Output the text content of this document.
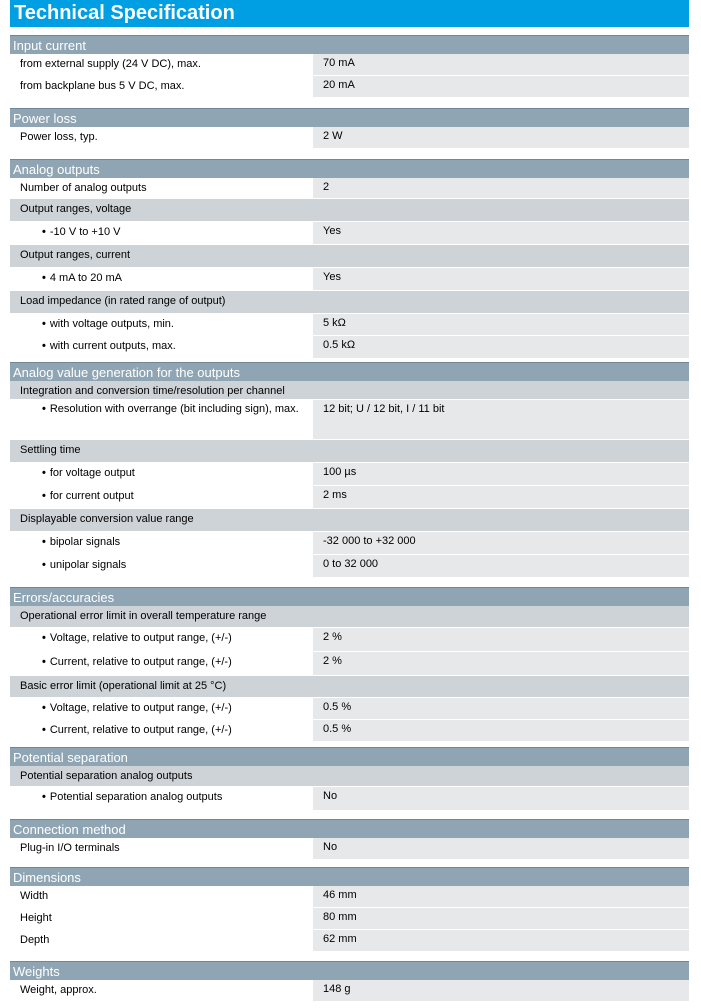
Technical Specification
Input current
from external supply (24 V DC), max.	70 mA
from backplane bus 5 V DC, max.	20 mA
Power loss
Power loss, typ.	2 W
Analog outputs
Number of analog outputs	2
Output ranges, voltage
• -10 V to +10 V	Yes
Output ranges, current
• 4 mA to 20 mA	Yes
Load impedance (in rated range of output)
• with voltage outputs, min.	5 kΩ
• with current outputs, max.	0.5 kΩ
Analog value generation for the outputs
Integration and conversion time/resolution per channel
• Resolution with overrange (bit including sign), max.	12 bit; U / 12 bit, I / 11 bit
Settling time
• for voltage output	100 µs
• for current output	2 ms
Displayable conversion value range
• bipolar signals	-32 000 to +32 000
• unipolar signals	0 to 32 000
Errors/accuracies
Operational error limit in overall temperature range
• Voltage, relative to output range, (+/-)	2 %
• Current, relative to output range, (+/-)	2 %
Basic error limit (operational limit at 25 °C)
• Voltage, relative to output range, (+/-)	0.5 %
• Current, relative to output range, (+/-)	0.5 %
Potential separation
Potential separation analog outputs
• Potential separation analog outputs	No
Connection method
Plug-in I/O terminals	No
Dimensions
Width	46 mm
Height	80 mm
Depth	62 mm
Weights
Weight, approx.	148 g
